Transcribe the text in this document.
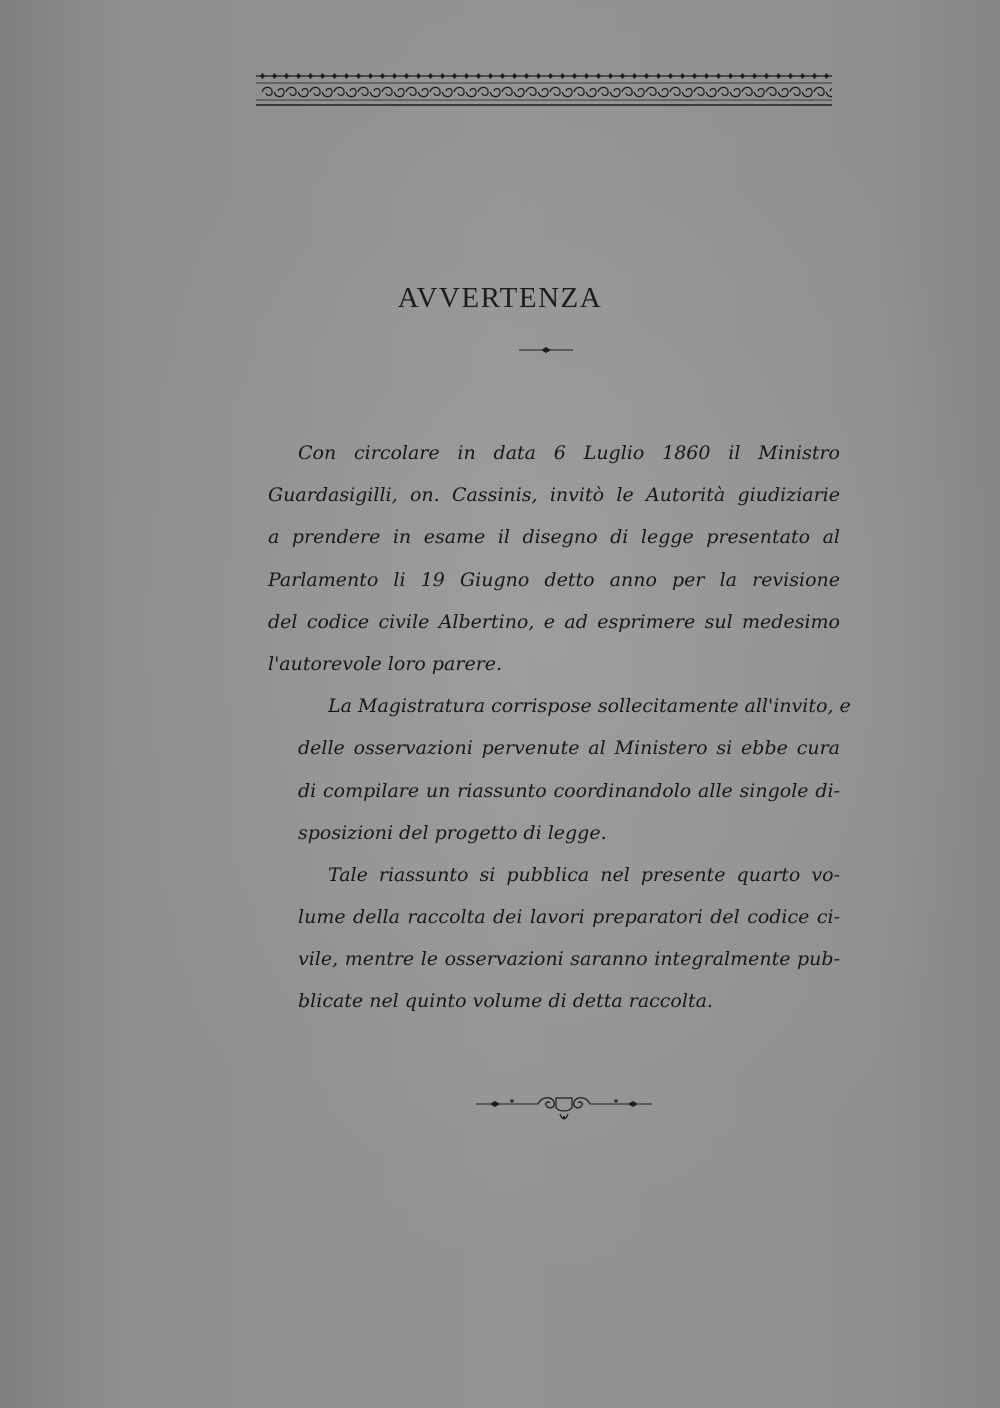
AVVERTENZA
Con circolare in data 6 Luglio 1860 il Ministro
Guardasigilli, on. Cassinis, invitò le Autorità giudiziarie
a prendere in esame il disegno di legge presentato al
Parlamento li 19 Giugno detto anno per la revisione
del codice civile Albertino, e ad esprimere sul medesimo
l'autorevole loro parere.
La Magistratura corrispose sollecitamente all'invito, e
delle osservazioni pervenute al Ministero si ebbe cura
di compilare un riassunto coordinandolo alle singole di-
sposizioni del progetto di legge.
Tale riassunto si pubblica nel presente quarto vo-
lume della raccolta dei lavori preparatori del codice ci-
vile, mentre le osservazioni saranno integralmente pub-
blicate nel quinto volume di detta raccolta.
